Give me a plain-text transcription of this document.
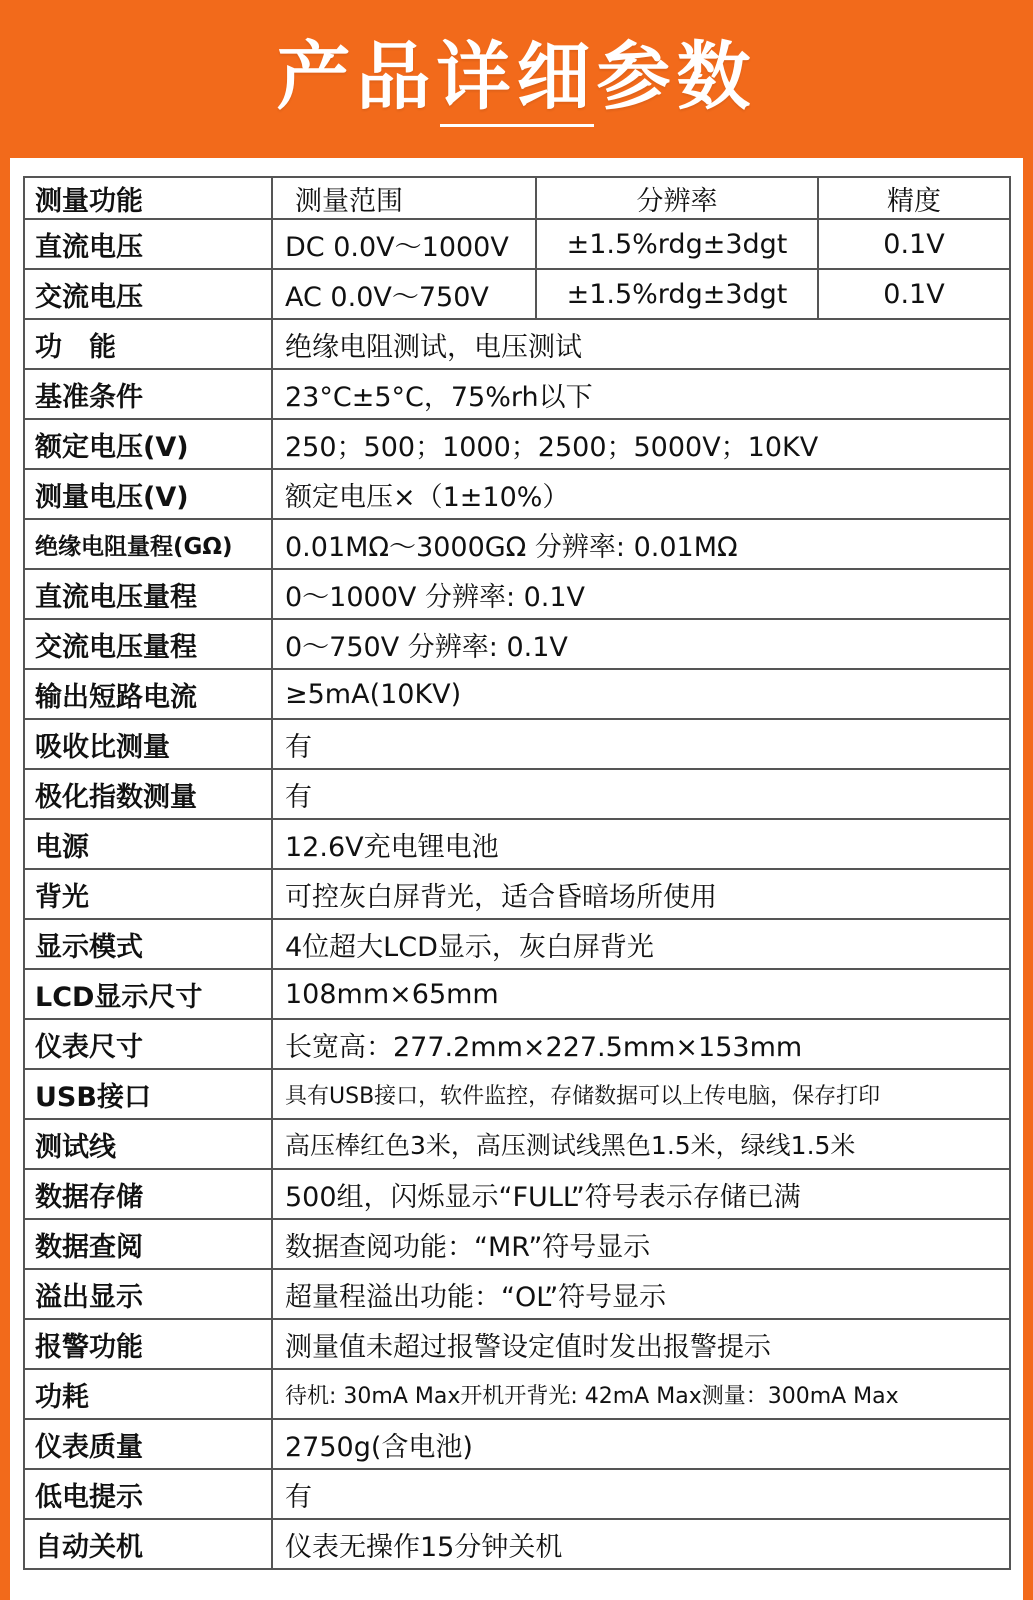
产品详细参数
测量功能	测量范围	分辨率	精度
直流电压	DC 0.0V～1000V	±1.5%rdg±3dgt	0.1V
交流电压	AC 0.0V～750V	±1.5%rdg±3dgt	0.1V
功　能	绝缘电阻测试，电压测试		
基准条件	23°C±5°C，75%rh以下		
额定电压(V)	250；500；1000；2500；5000V；10KV		
测量电压(V)	额定电压×（1±10%）		
绝缘电阻量程(GΩ)	0.01MΩ～3000GΩ 分辨率: 0.01MΩ		
直流电压量程	0～1000V 分辨率: 0.1V		
交流电压量程	0～750V 分辨率: 0.1V		
输出短路电流	≥5mA(10KV)		
吸收比测量	有		
极化指数测量	有		
电源	12.6V充电锂电池		
背光	可控灰白屏背光，适合昏暗场所使用		
显示模式	4位超大LCD显示，灰白屏背光		
LCD显示尺寸	108mm×65mm		
仪表尺寸	长宽高：277.2mm×227.5mm×153mm		
USB接口	具有USB接口，软件监控，存储数据可以上传电脑，保存打印		
测试线	高压棒红色3米，高压测试线黑色1.5米，绿线1.5米		
数据存储	500组，闪烁显示“FULL”符号表示存储已满		
数据查阅	数据查阅功能：“MR”符号显示		
溢出显示	超量程溢出功能：“OL”符号显示		
报警功能	测量值未超过报警设定值时发出报警提示		
功耗	待机: 30mA Max开机开背光: 42mA Max测量：300mA Max		
仪表质量	2750g(含电池)		
低电提示	有		
自动关机	仪表无操作15分钟关机		
